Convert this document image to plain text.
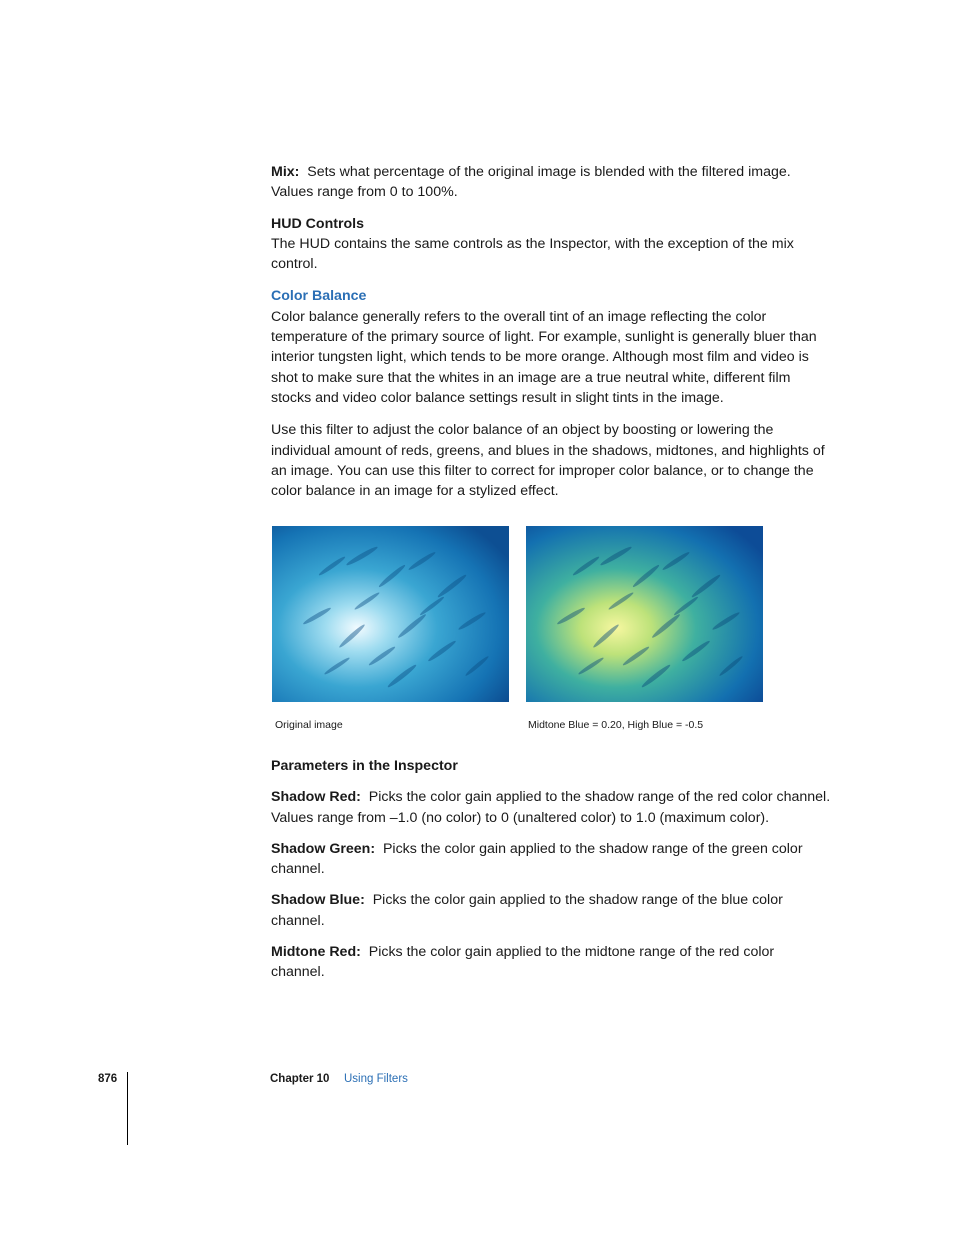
Mix: Sets what percentage of the original image is blended with the filtered image. Values range from 0 to 100%.

HUD Controls

The HUD contains the same controls as the Inspector, with the exception of the mix control.

Color Balance

Color balance generally refers to the overall tint of an image reflecting the color temperature of the primary source of light. For example, sunlight is generally bluer than interior tungsten light, which tends to be more orange. Although most film and video is shot to make sure that the whites in an image are a true neutral white, different film stocks and video color balance settings result in slight tints in the image.

Use this filter to adjust the color balance of an object by boosting or lowering the individual amount of reds, greens, and blues in the shadows, midtones, and highlights of an image. You can use this filter to correct for improper color balance, or to change the color balance in an image for a stylized effect.

Original image	Midtone Blue = 0.20, High Blue = -0.5

Parameters in the Inspector

Shadow Red: Picks the color gain applied to the shadow range of the red color channel. Values range from –1.0 (no color) to 0 (unaltered color) to 1.0 (maximum color).

Shadow Green: Picks the color gain applied to the shadow range of the green color channel.

Shadow Blue: Picks the color gain applied to the shadow range of the blue color channel.

Midtone Red: Picks the color gain applied to the midtone range of the red color channel.

876	Chapter 10 Using Filters
